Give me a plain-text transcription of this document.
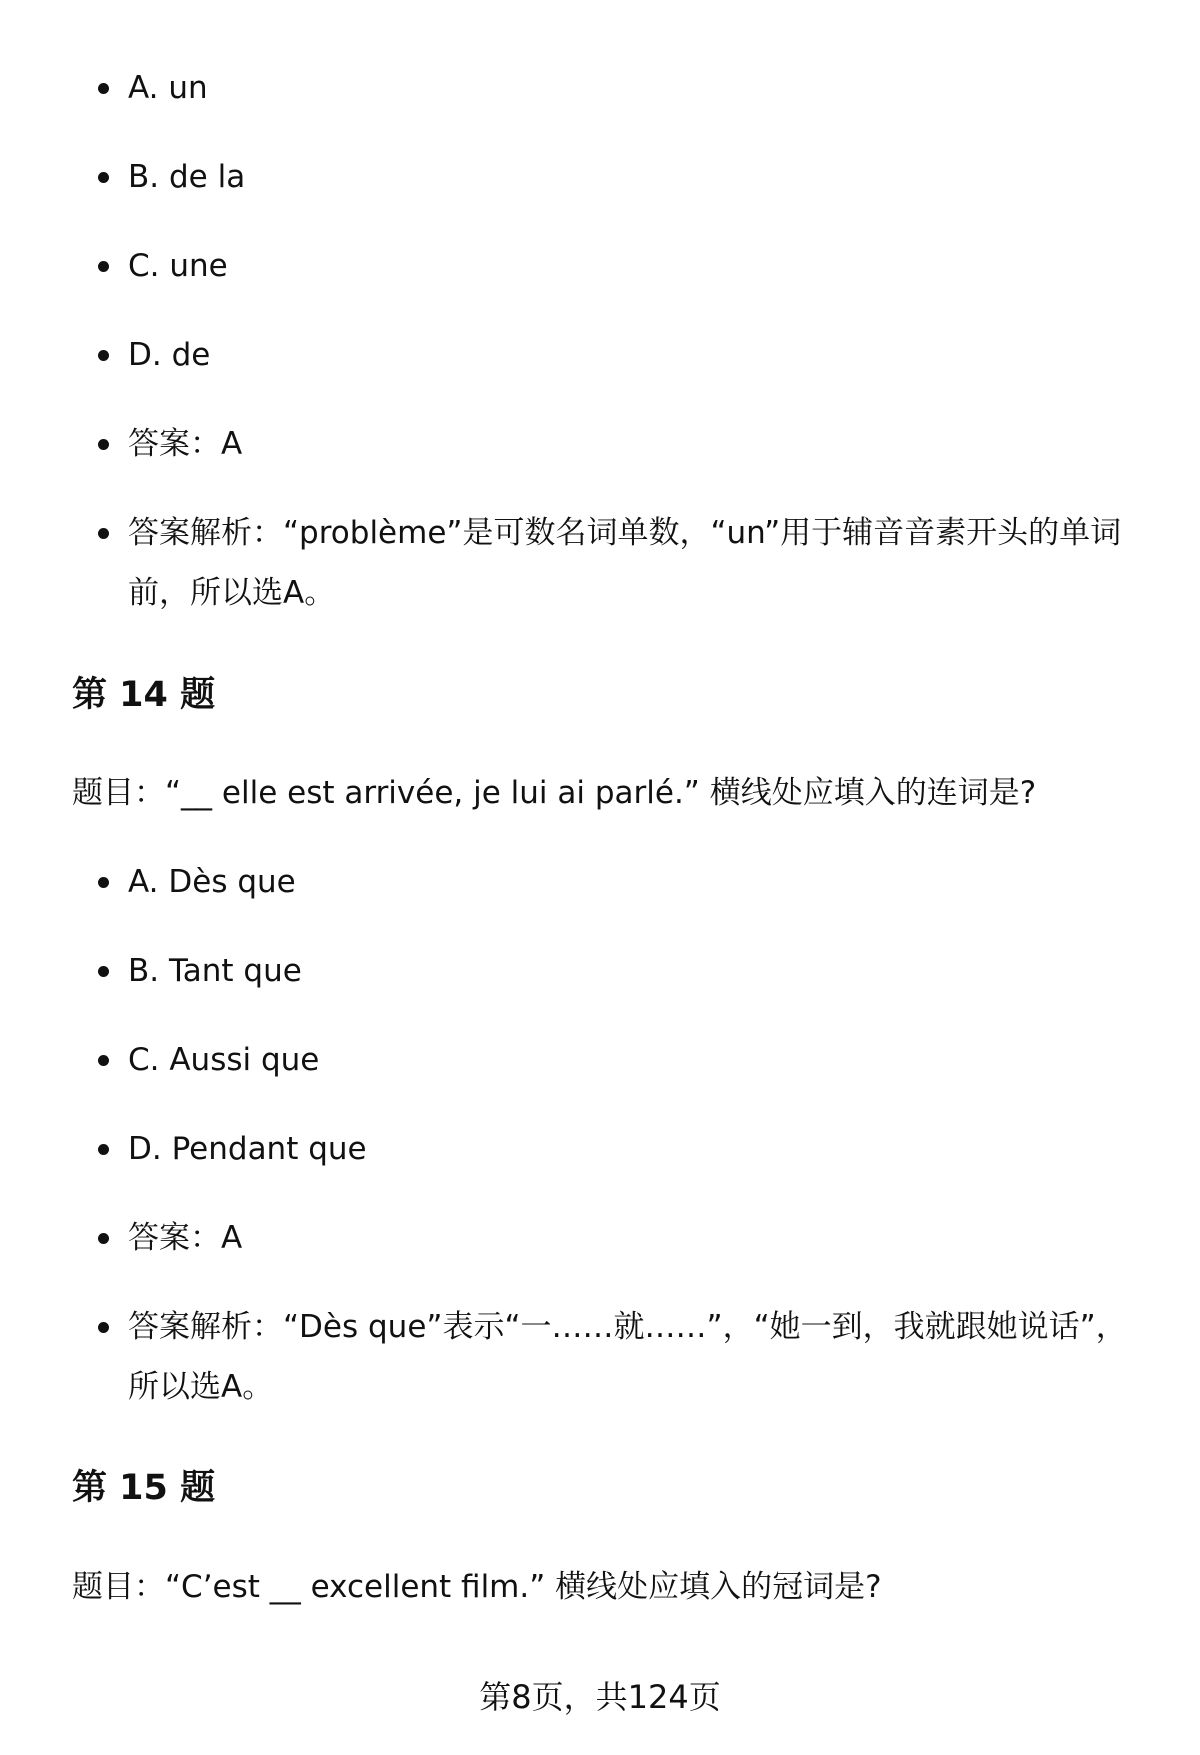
A. un
B. de la
C. une
D. de
答案：A
答案解析：“problème”是可数名词单数，“un”用于辅音音素开头的单词前，所以选A。
第 14 题
题目：“__ elle est arrivée, je lui ai parlé.” 横线处应填入的连词是?
A. Dès que
B. Tant que
C. Aussi que
D. Pendant que
答案：A
答案解析：“Dès que”表示“一……就……”，“她一到，我就跟她说话”，所以选A。
第 15 题
题目：“C’est __ excellent film.” 横线处应填入的冠词是?
第8页，共124页
